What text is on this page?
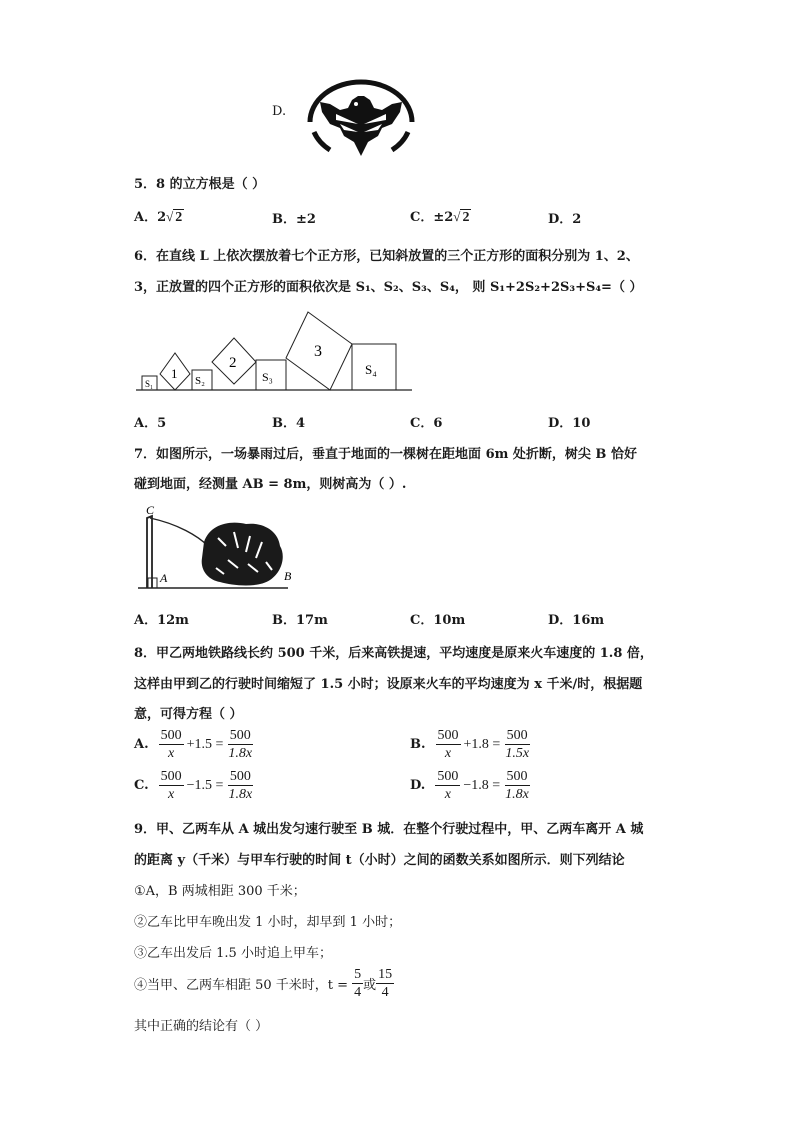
D.
5．8 的立方根是（ ）
A．2√ 2	B．±2	C．±2√ 2	D．2
6．在直线 L 上依次摆放着七个正方形，已知斜放置的三个正方形的面积分别为 1、2、
3，正放置的四个正方形的面积依次是 S₁、S₂、S₃、S₄， 则 S₁+2S₂+2S₃+S₄=（ ）
S₁
1 S₂
2
S₃
3
S₄
A．5	B．4	C．6	D．10
7．如图所示，一场暴雨过后，垂直于地面的一棵树在距地面 6m 处折断，树尖 B 恰好
碰到地面，经测量 AB = 8m，则树高为（ ）.
C
A	B
A．12m	B．17m	C．10m	D．16m
8．甲乙两地铁路线长约 500 千米，后来高铁提速，平均速度是原来火车速度的 1.8 倍，
这样由甲到乙的行驶时间缩短了 1.5 小时；设原来火车的平均速度为 x 千米/时，根据题
意，可得方程（ ）
A. $\frac{500}{x} +1.5 = \frac{500}{1.8x}$	B. $\frac{500}{x} +1.8 = \frac{500}{1.5x}$
C. $\frac{500}{x} -1.5 = \frac{500}{1.8x}$	D. $\frac{500}{x} -1.8 = \frac{500}{1.8x}$
9．甲、乙两车从 A 城出发匀速行驶至 B 城．在整个行驶过程中，甲、乙两车离开 A 城
的距离 y（千米）与甲车行驶的时间 t（小时）之间的函数关系如图所示．则下列结论
①A，B 两城相距 300 千米；
②乙车比甲车晚出发 1 小时，却早到 1 小时；
③乙车出发后 1.5 小时追上甲车；
④当甲、乙两车相距 50 千米时，$t = \frac{5}{4}$ 或 $\frac{15}{4}$
其中正确的结论有（ ）
